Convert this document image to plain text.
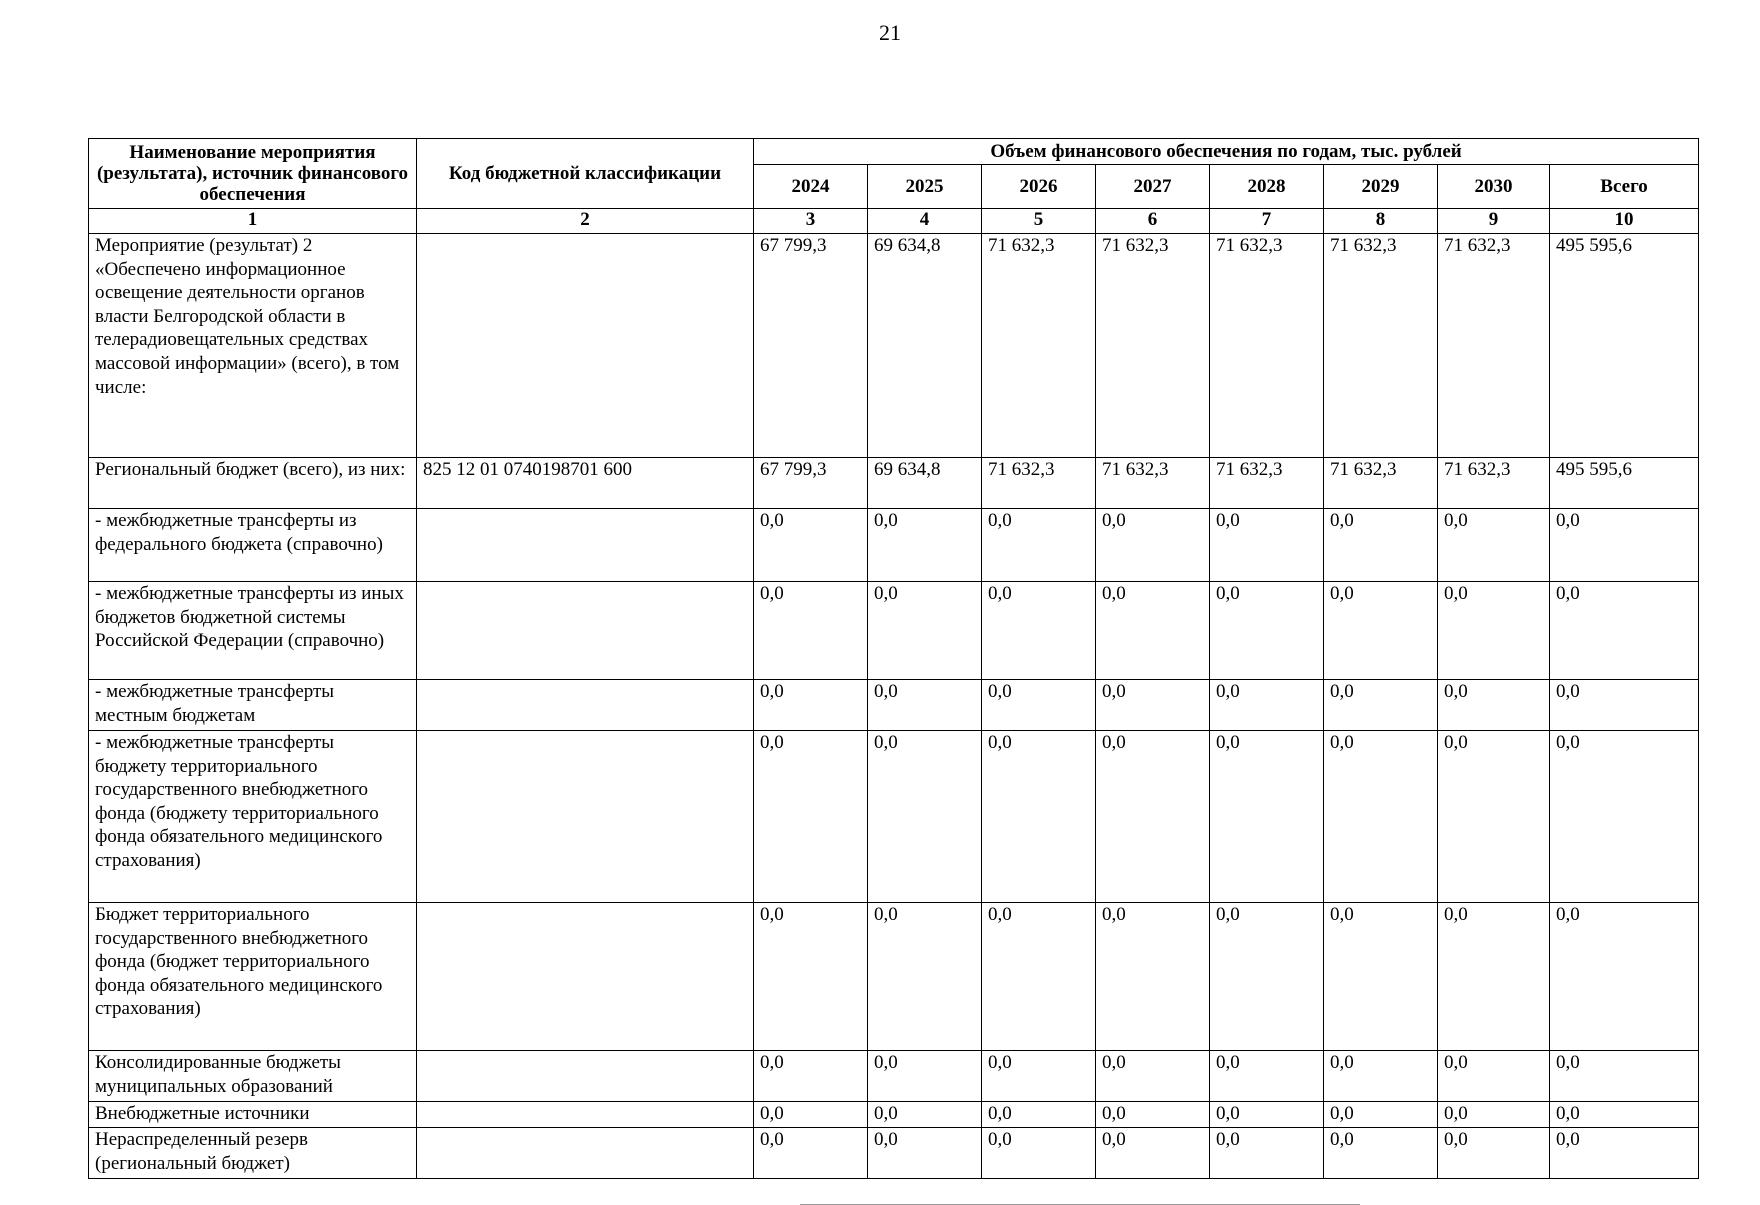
21
Наименование мероприятия (результата), источник финансового обеспечения	Код бюджетной классификации	Объем финансового обеспечения по годам, тыс. рублей							
		2024	2025	2026	2027	2028	2029	2030	Всего
1	2	3	4	5	6	7	8	9	10
Мероприятие (результат) 2 «Обеспечено информационное освещение деятельности органов власти Белгородской области в телерадиовещательных средствах массовой информации» (всего), в том числе:		67 799,3	69 634,8	71 632,3	71 632,3	71 632,3	71 632,3	71 632,3	495 595,6
Региональный бюджет (всего), из них:	825 12 01 0740198701 600	67 799,3	69 634,8	71 632,3	71 632,3	71 632,3	71 632,3	71 632,3	495 595,6
- межбюджетные трансферты из федерального бюджета (справочно)		0,0	0,0	0,0	0,0	0,0	0,0	0,0	0,0
- межбюджетные трансферты из иных бюджетов бюджетной системы Российской Федерации (справочно)		0,0	0,0	0,0	0,0	0,0	0,0	0,0	0,0
- межбюджетные трансферты местным бюджетам		0,0	0,0	0,0	0,0	0,0	0,0	0,0	0,0
- межбюджетные трансферты бюджету территориального государственного внебюджетного фонда (бюджету территориального фонда обязательного медицинского страхования)		0,0	0,0	0,0	0,0	0,0	0,0	0,0	0,0
Бюджет территориального государственного внебюджетного фонда (бюджет территориального фонда обязательного медицинского страхования)		0,0	0,0	0,0	0,0	0,0	0,0	0,0	0,0
Консолидированные бюджеты муниципальных образований		0,0	0,0	0,0	0,0	0,0	0,0	0,0	0,0
Внебюджетные источники		0,0	0,0	0,0	0,0	0,0	0,0	0,0	0,0
Нераспределенный резерв (региональный бюджет)		0,0	0,0	0,0	0,0	0,0	0,0	0,0	0,0
